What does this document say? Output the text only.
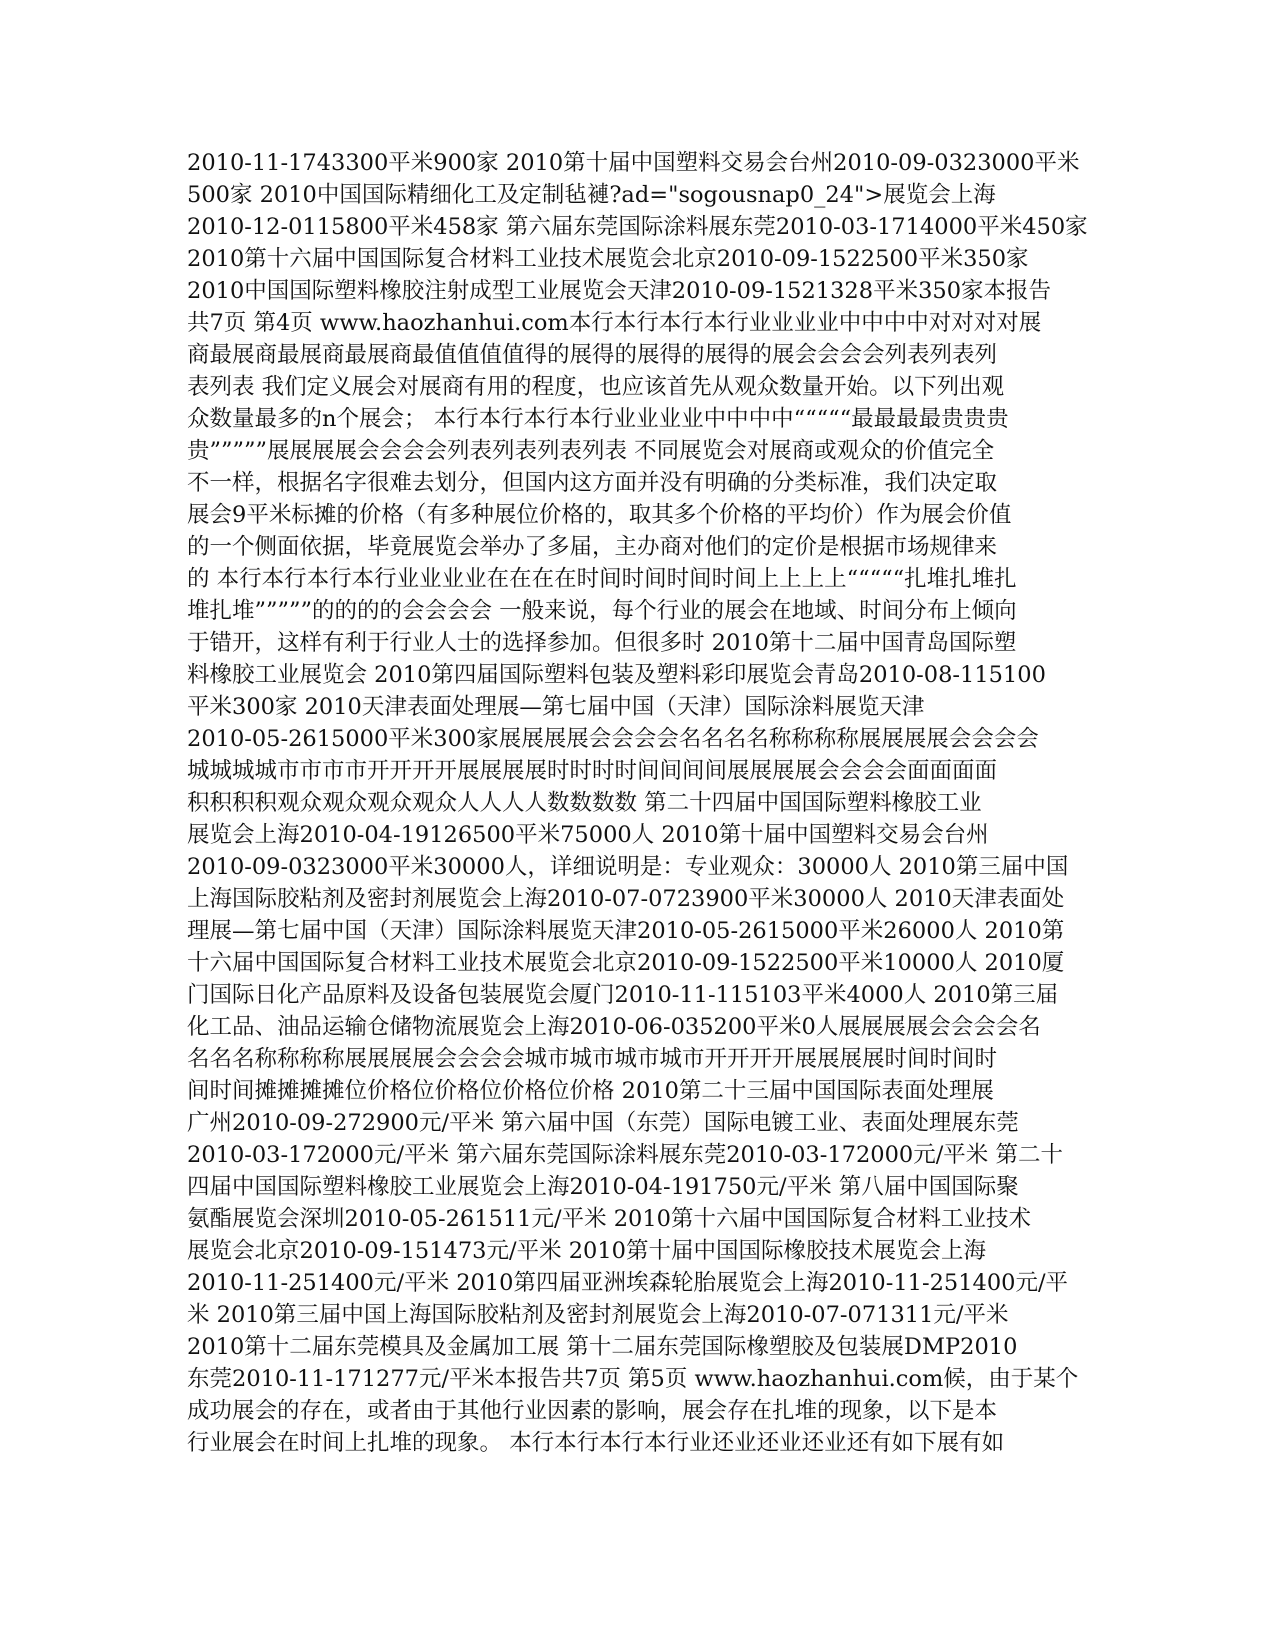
2010-11-1743300平米900家 2010第十届中国塑料交易会台州2010-09-0323000平米
500家 2010中国国际精细化工及定制毡褳?ad="sogousnap0_24">展览会上海
2010-12-0115800平米458家 第六届东莞国际涂料展东莞2010-03-1714000平米450家
2010第十六届中国国际复合材料工业技术展览会北京2010-09-1522500平米350家
2010中国国际塑料橡胶注射成型工业展览会天津2010-09-1521328平米350家本报告
共7页 第4页 www.haozhanhui.com本行本行本行本行业业业业中中中中对对对对展
商最展商最展商最展商最值值值值得的展得的展得的展得的展会会会会列表列表列
表列表 我们定义展会对展商有用的程度，也应该首先从观众数量开始。以下列出观
众数量最多的n个展会； 本行本行本行本行业业业业中中中中“““““最最最最贵贵贵
贵”””””展展展展会会会会列表列表列表列表 不同展览会对展商或观众的价值完全
不一样，根据名字很难去划分，但国内这方面并没有明确的分类标准，我们决定取
展会9平米标摊的价格（有多种展位价格的，取其多个价格的平均价）作为展会价值
的一个侧面依据，毕竟展览会举办了多届，主办商对他们的定价是根据市场规律来
的 本行本行本行本行业业业业在在在在时间时间时间时间上上上上“““““扎堆扎堆扎
堆扎堆”””””的的的的会会会会 一般来说，每个行业的展会在地域、时间分布上倾向
于错开，这样有利于行业人士的选择参加。但很多时 2010第十二届中国青岛国际塑
料橡胶工业展览会 2010第四届国际塑料包装及塑料彩印展览会青岛2010-08-115100
平米300家 2010天津表面处理展—第七届中国（天津）国际涂料展览天津
2010-05-2615000平米300家展展展展会会会会名名名名称称称称展展展展会会会会
城城城城市市市市开开开开展展展展时时时时间间间间展展展展会会会会面面面面
积积积积观众观众观众观众人人人人数数数数 第二十四届中国国际塑料橡胶工业
展览会上海2010-04-19126500平米75000人 2010第十届中国塑料交易会台州
2010-09-0323000平米30000人，详细说明是：专业观众：30000人 2010第三届中国
上海国际胶粘剂及密封剂展览会上海2010-07-0723900平米30000人 2010天津表面处
理展—第七届中国（天津）国际涂料展览天津2010-05-2615000平米26000人 2010第
十六届中国国际复合材料工业技术展览会北京2010-09-1522500平米10000人 2010厦
门国际日化产品原料及设备包装展览会厦门2010-11-115103平米4000人 2010第三届
化工品、油品运输仓储物流展览会上海2010-06-035200平米0人展展展展会会会会名
名名名称称称称展展展展会会会会城市城市城市城市开开开开展展展展时间时间时
间时间摊摊摊摊位价格位价格位价格位价格 2010第二十三届中国国际表面处理展
广州2010-09-272900元/平米 第六届中国（东莞）国际电镀工业、表面处理展东莞
2010-03-172000元/平米 第六届东莞国际涂料展东莞2010-03-172000元/平米 第二十
四届中国国际塑料橡胶工业展览会上海2010-04-191750元/平米 第八届中国国际聚
氨酯展览会深圳2010-05-261511元/平米 2010第十六届中国国际复合材料工业技术
展览会北京2010-09-151473元/平米 2010第十届中国国际橡胶技术展览会上海
2010-11-251400元/平米 2010第四届亚洲埃森轮胎展览会上海2010-11-251400元/平
米 2010第三届中国上海国际胶粘剂及密封剂展览会上海2010-07-071311元/平米
2010第十二届东莞模具及金属加工展 第十二届东莞国际橡塑胶及包装展DMP2010
东莞2010-11-171277元/平米本报告共7页 第5页 www.haozhanhui.com候，由于某个
成功展会的存在，或者由于其他行业因素的影响，展会存在扎堆的现象，以下是本
行业展会在时间上扎堆的现象。 本行本行本行本行业还业还业还业还有如下展有如
